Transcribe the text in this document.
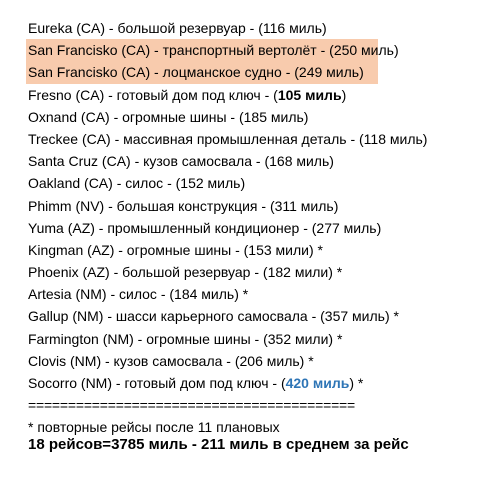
Eureka (CA) - большой резервуар - (116 миль)
San Francisko (CA) - транспортный вертолёт - (250 миль)
San Francisko (CA) - лоцманское судно - (249 миль)
Fresno (CA) - готовый дом под ключ - (105 миль)
Oxnand (CA) - огромные шины - (185 миль)
Treckee (CA) - массивная промышленная деталь - (118 миль)
Santa Cruz (CA) - кузов самосвала - (168 миль)
Oakland (CA) - силос - (152 миль)
Phimm (NV) - большая конструкция - (311 миль)
Yuma (AZ) - промышленный кондиционер - (277 миль)
Kingman (AZ) - огромные шины - (153 мили) *
Phoenix (AZ) - большой резервуар - (182 мили) *
Artesia (NM) - силос - (184 миль) *
Gallup (NM) - шасси карьерного самосвала - (357 миль) *
Farmington (NM) - огромные шины - (352 мили) *
Clovis (NM) - кузов самосвала - (206 миль) *
Socorro (NM) - готовый дом под ключ - (420 миль) *
=========================================
* повторные рейсы после 11 плановых
18 рейсов=3785 миль - 211 миль в среднем за рейс
